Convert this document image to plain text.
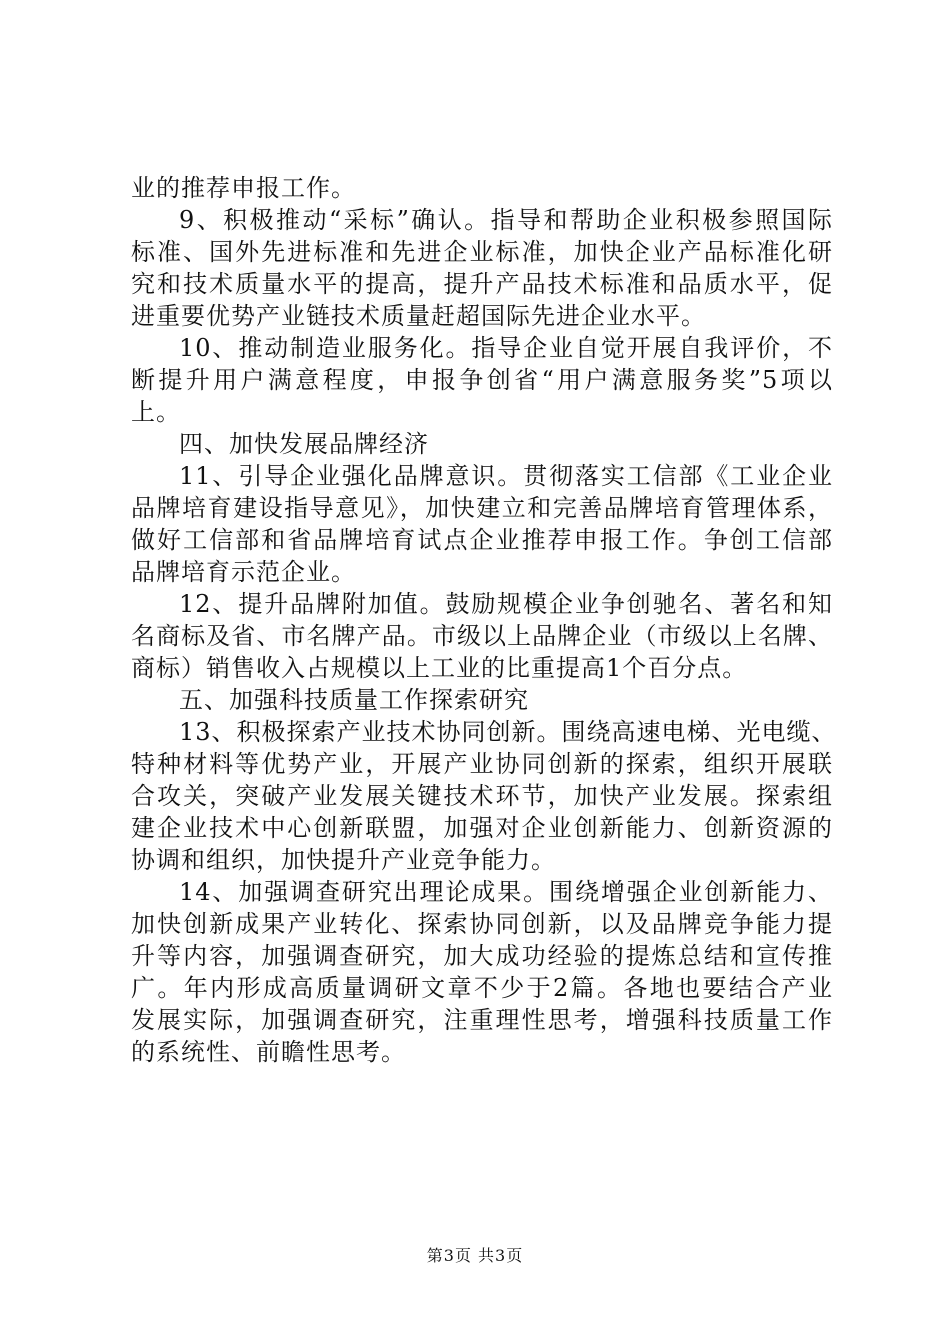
业的推荐申报工作。
9、积极推动“采标”确认。指导和帮助企业积极参照国际
标准、国外先进标准和先进企业标准，加快企业产品标准化研
究和技术质量水平的提高，提升产品技术标准和品质水平，促
进重要优势产业链技术质量赶超国际先进企业水平。
10、推动制造业服务化。指导企业自觉开展自我评价，不
断提升用户满意程度，申报争创省“用户满意服务奖”5项以
上。
四、加快发展品牌经济
11、引导企业强化品牌意识。贯彻落实工信部《工业企业
品牌培育建设指导意见》，加快建立和完善品牌培育管理体系，
做好工信部和省品牌培育试点企业推荐申报工作。争创工信部
品牌培育示范企业。
12、提升品牌附加值。鼓励规模企业争创驰名、著名和知
名商标及省、市名牌产品。市级以上品牌企业（市级以上名牌、
商标）销售收入占规模以上工业的比重提高1个百分点。
五、加强科技质量工作探索研究
13、积极探索产业技术协同创新。围绕高速电梯、光电缆、
特种材料等优势产业，开展产业协同创新的探索，组织开展联
合攻关，突破产业发展关键技术环节，加快产业发展。探索组
建企业技术中心创新联盟，加强对企业创新能力、创新资源的
协调和组织，加快提升产业竞争能力。
14、加强调查研究出理论成果。围绕增强企业创新能力、
加快创新成果产业转化、探索协同创新，以及品牌竞争能力提
升等内容，加强调查研究，加大成功经验的提炼总结和宣传推
广。年内形成高质量调研文章不少于2篇。各地也要结合产业
发展实际，加强调查研究，注重理性思考，增强科技质量工作
的系统性、前瞻性思考。
第3页 共3页
